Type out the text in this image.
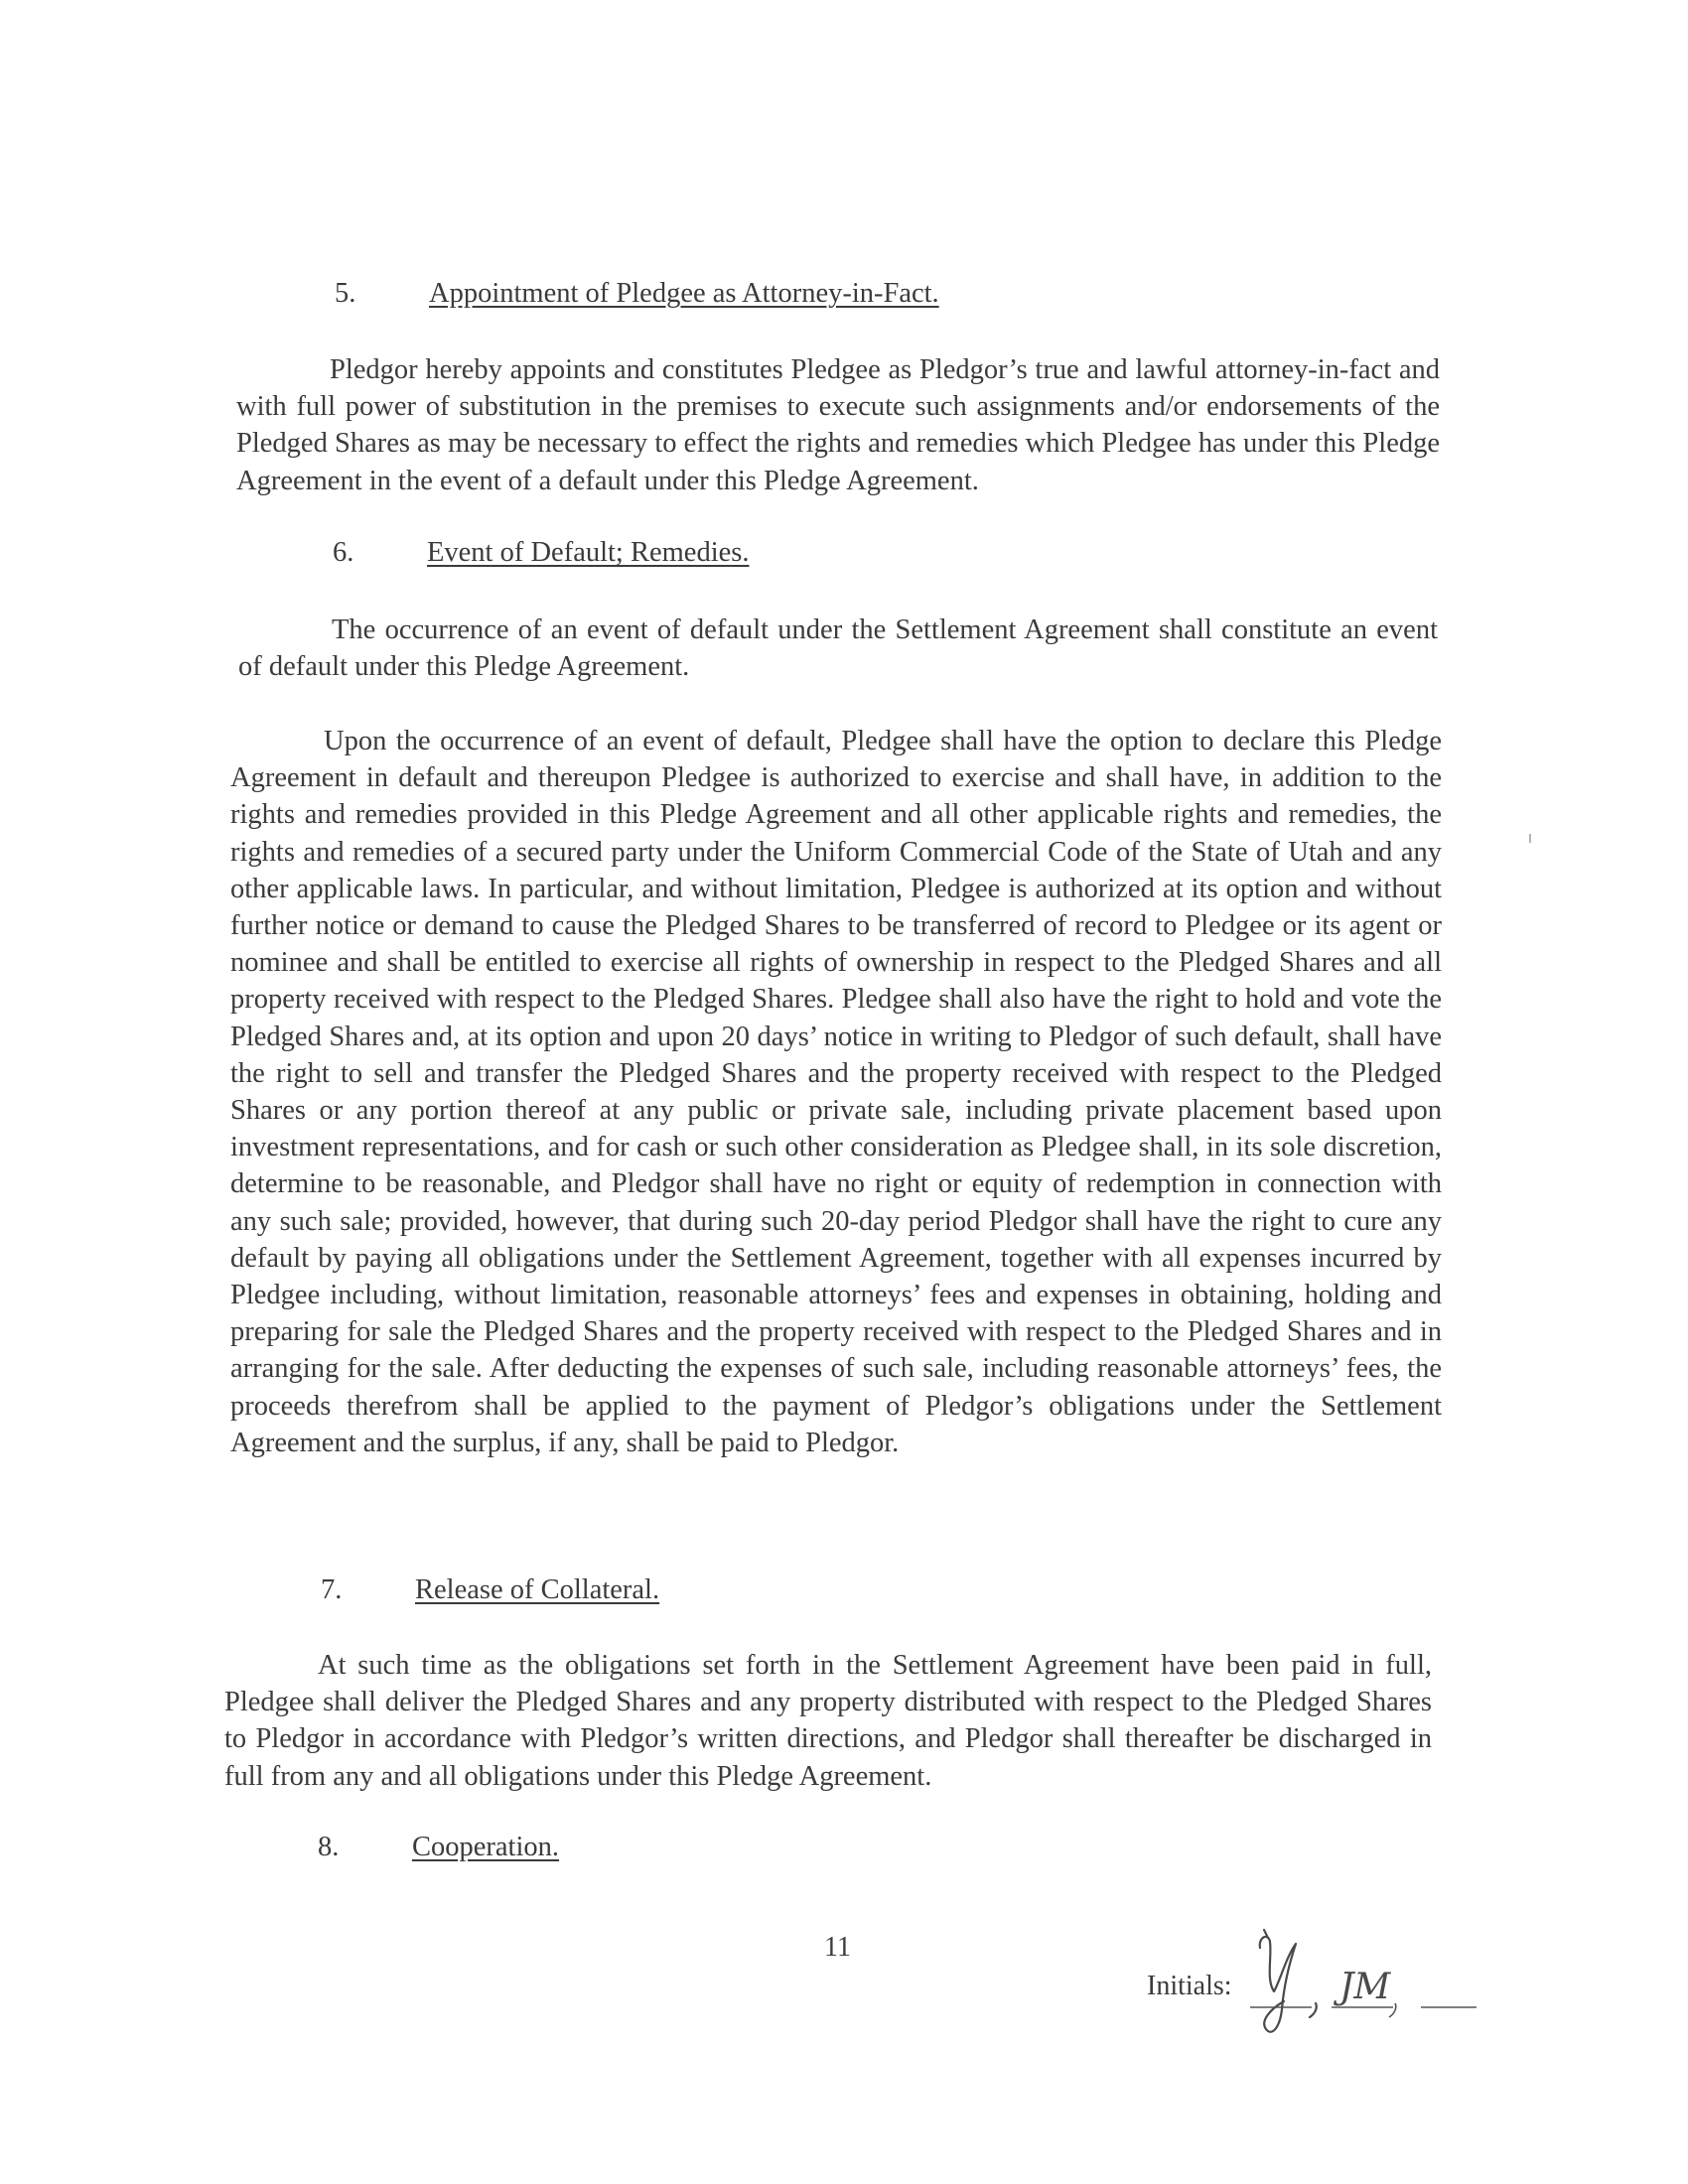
5.	Appointment of Pledgee as Attorney-in-Fact.

Pledgor hereby appoints and constitutes Pledgee as Pledgor’s true and lawful attorney-in-fact and with full power of substitution in the premises to execute such assignments and/or endorsements of the Pledged Shares as may be necessary to effect the rights and remedies which Pledgee has under this Pledge Agreement in the event of a default under this Pledge Agreement.

6.	Event of Default; Remedies.

The occurrence of an event of default under the Settlement Agreement shall constitute an event of default under this Pledge Agreement.

Upon the occurrence of an event of default, Pledgee shall have the option to declare this Pledge Agreement in default and thereupon Pledgee is authorized to exercise and shall have, in addition to the rights and remedies provided in this Pledge Agreement and all other applicable rights and remedies, the rights and remedies of a secured party under the Uniform Commercial Code of the State of Utah and any other applicable laws. In particular, and without limitation, Pledgee is authorized at its option and without further notice or demand to cause the Pledged Shares to be transferred of record to Pledgee or its agent or nominee and shall be entitled to exercise all rights of ownership in respect to the Pledged Shares and all property received with respect to the Pledged Shares. Pledgee shall also have the right to hold and vote the Pledged Shares and, at its option and upon 20 days’ notice in writing to Pledgor of such default, shall have the right to sell and transfer the Pledged Shares and the property received with respect to the Pledged Shares or any portion thereof at any public or private sale, including private placement based upon investment representations, and for cash or such other consideration as Pledgee shall, in its sole discretion, determine to be reasonable, and Pledgor shall have no right or equity of redemption in connection with any such sale; provided, however, that during such 20-day period Pledgor shall have the right to cure any default by paying all obligations under the Settlement Agreement, together with all expenses incurred by Pledgee including, without limitation, reasonable attorneys’ fees and expenses in obtaining, holding and preparing for sale the Pledged Shares and the property received with respect to the Pledged Shares and in arranging for the sale. After deducting the expenses of such sale, including reasonable attorneys’ fees, the proceeds therefrom shall be applied to the payment of Pledgor’s obligations under the Settlement Agreement and the surplus, if any, shall be paid to Pledgor.

7.	Release of Collateral.

At such time as the obligations set forth in the Settlement Agreement have been paid in full, Pledgee shall deliver the Pledged Shares and any property distributed with respect to the Pledged Shares to Pledgor in accordance with Pledgor’s written directions, and Pledgor shall thereafter be discharged in full from any and all obligations under this Pledge Agreement.

8.	Cooperation.
11
Initials:	JM
